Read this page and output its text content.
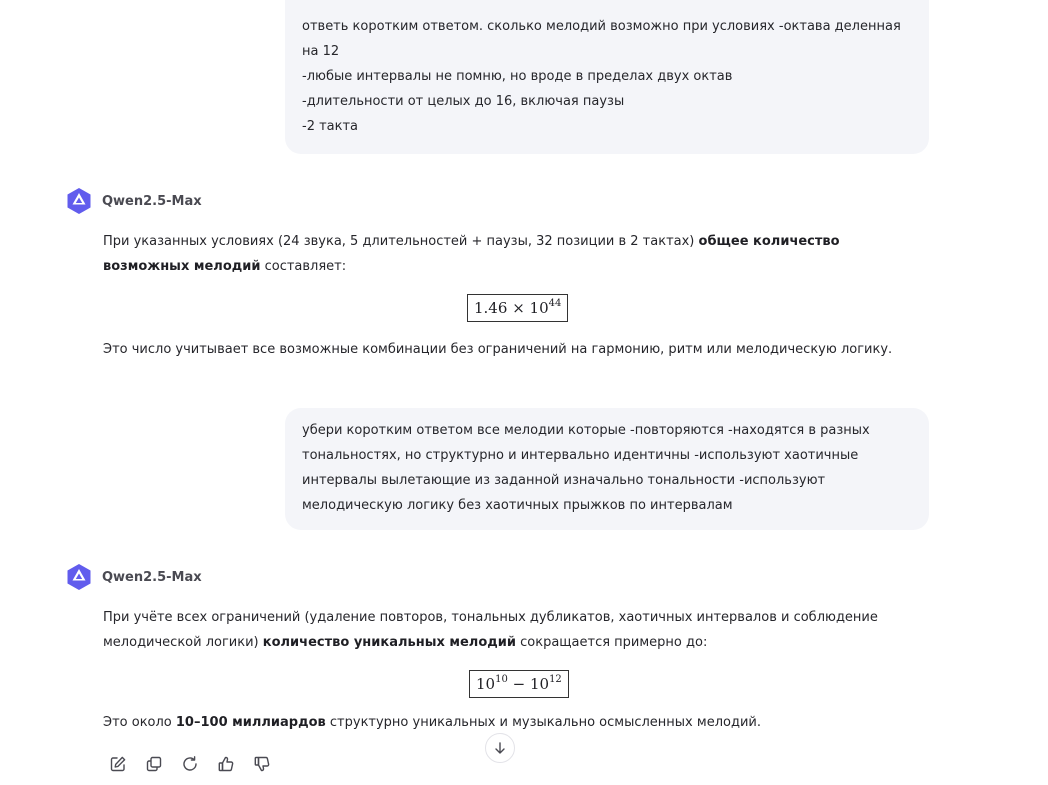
ответь коротким ответом. сколько мелодий возможно при условиях -октава деленная
на 12
-любые интервалы не помню, но вроде в пределах двух октав
-длительности от целых до 16, включая паузы
-2 такта
Qwen2.5-Max
При указанных условиях (24 звука, 5 длительностей + паузы, 32 позиции в 2 тактах) общее количество возможных мелодий составляет:
$1.46 \times 10^{44}$
Это число учитывает все возможные комбинации без ограничений на гармонию, ритм или мелодическую логику.
убери коротким ответом все мелодии которые -повторяются -находятся в разных
тональностях, но структурно и интервально идентичны -используют хаотичные
интервалы вылетающие из заданной изначально тональности -используют
мелодическую логику без хаотичных прыжков по интервалам
Qwen2.5-Max
При учёте всех ограничений (удаление повторов, тональных дубликатов, хаотичных интервалов и соблюдение мелодической логики) количество уникальных мелодий сокращается примерно до:
$10^{10} - 10^{12}$
Это около 10–100 миллиардов структурно уникальных и музыкально осмысленных мелодий.
